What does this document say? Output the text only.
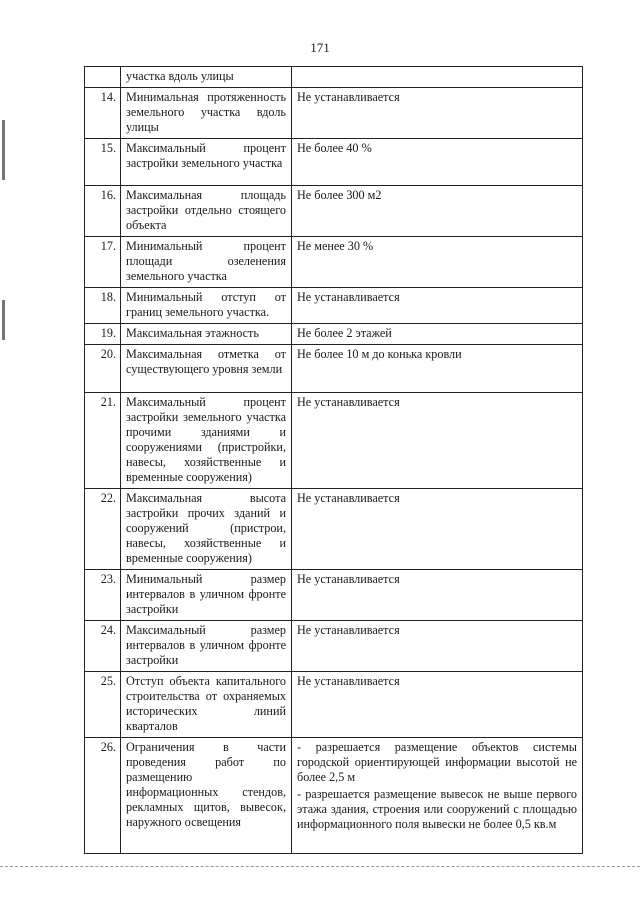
171
	участка вдоль улицы	
14.	Минимальная протяженность земельного участка вдоль улицы	Не устанавливается
15.	Максимальный процент застройки земельного участка	Не более 40 %
16.	Максимальная площадь застройки отдельно стоящего объекта	Не более 300 м2
17.	Минимальный процент площади озеленения земельного участка	Не менее 30 %
18.	Минимальный отступ от границ земельного участка.	Не устанавливается
19.	Максимальная этажность	Не более 2 этажей
20.	Максимальная отметка от существующего уровня земли	Не более 10 м до конька кровли
21.	Максимальный процент застройки земельного участка прочими зданиями и сооружениями (пристройки, навесы, хозяйственные и временные сооружения)	Не устанавливается
22.	Максимальная высота застройки прочих зданий и сооружений (пристрои, навесы, хозяйственные и временные сооружения)	Не устанавливается
23.	Минимальный размер интервалов в уличном фронте застройки	Не устанавливается
24.	Максимальный размер интервалов в уличном фронте застройки	Не устанавливается
25.	Отступ объекта капитального строительства от охраняемых исторических линий кварталов	Не устанавливается
26.	Ограничения в части проведения работ по размещению информационных стендов, рекламных щитов, вывесок, наружного освещения	- разрешается размещение объектов системы городской ориентирующей информации высотой не более 2,5 м
- разрешается размещение вывесок не выше первого этажа здания, строения или сооружений с площадью информационного поля вывески не более 0,5 кв.м
